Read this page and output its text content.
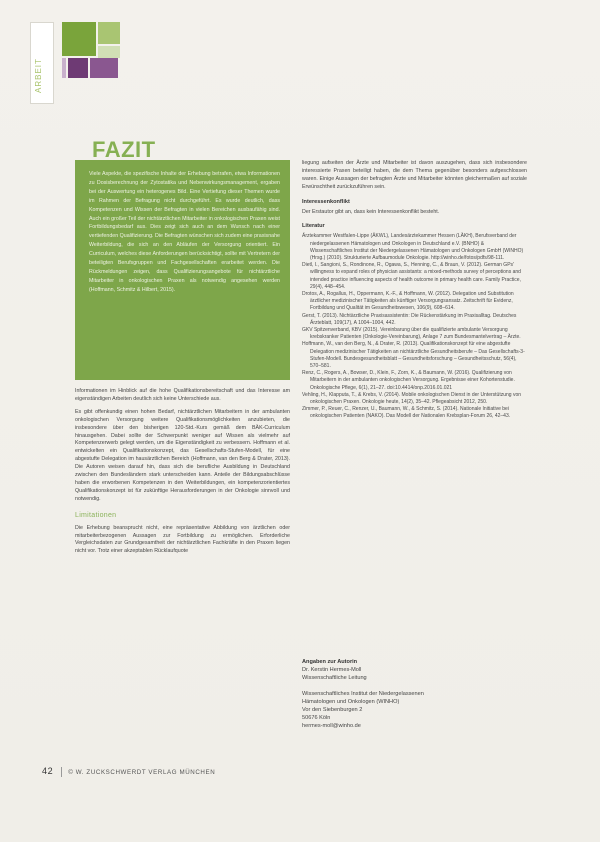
ARBEIT

Viele Aspekte, die spezifische Inhalte der Erhebung betrafen, etwa Informationen zu Dosisberechnung der Zytostatika und Nebenwirkungsmanagement, ergaben bei der Auswertung ein heterogenes Bild. Eine Vertiefung dieser Themen wurde im Rahmen der Befragung nicht durchgeführt. Es wurde deutlich, dass Kompetenzen und Wissen der Befragten in vielen Bereichen ausbaufähig sind. Auch ein großer Teil der nichtärztlichen Mitarbeiter in onkologischen Praxen weist Fortbildungsbedarf aus. Dies zeigt sich auch an dem Wunsch nach einer vertiefenden Qualifizierung. Die Befragten wünschen sich zudem eine praxisnahe Weiterbildung, die sich an den Abläufen der Versorgung orientiert. Ein Curriculum, welches diese Anforderungen berücksichtigt, sollte mit Vertretern der beteiligten Berufsgruppen und Fachgesellschaften erarbeitet werden. Die Rückmeldungen zeigen, dass Qualifizierungsangebote für nichtärztliche Mitarbeiter in onkologischen Praxen als notwendig angesehen werden (Hoffmann, Schmitz & Hilbert, 2015).

FAZIT

Informationen im Hinblick auf die hohe Qualifikationsbereitschaft und das Interesse am eigenständigen Arbeiten deutlich sich keine Unterschiede aus.

Es gibt offenkundig einen hohen Bedarf, nichtärztlichen Mitarbeitern in der ambulanten onkologischen Versorgung weitere Qualifikationsmöglichkeiten anzubieten, die insbesondere über den bisherigen 120-Std.-Kurs gemäß dem BÄK-Curriculum hinausgehen. Dabei sollte der Schwerpunkt weniger auf Wissen als vielmehr auf Kompetenzerwerb gelegt werden, um die Eigenständigkeit zu verbessern. Hoffmann et al. entwickelten ein Qualifikationskonzept, das Gesellschafts-Stufen-Modell, für eine abgestufte Delegation im hausärztlichen Bereich (Hoffmann, van den Berg & Drater, 2013). Die Autoren weisen darauf hin, dass sich die berufliche Ausbildung in Deutschland zwischen den Bundesländern stark unterscheiden kann. Anteile der Bildungsabschlüsse haben die erworbenen Kompetenzen in den Weiterbildungen, ein kompetenzorientiertes Qualifikationskonzept ist für zukünftige Herausforderungen in der Onkologie sinnvoll und notwendig.

Limitationen

Die Erhebung beansprucht nicht, eine repräsentative Abbildung von ärztlichen oder mitarbeiterbezogenen Aussagen zur Fortbildung zu ermöglichen. Erforderliche Vergleichsdaten zur Grundgesamtheit der nichtärztlichen Fachkräfte in den Praxen liegen nicht vor. Trotz einer akzeptablen Rücklaufquote

liegung aufseiten der Ärzte und Mitarbeiter ist davon auszugehen, dass sich insbesondere interessierte Praxen beteiligt haben, die dem Thema gegenüber besonders aufgeschlossen waren. Einige Aussagen der befragten Ärzte und Mitarbeiter könnten gleichermaßen auf soziale Erwünschtheit zurückzuführen sein.

Interessenkonflikt

Der Erstautor gibt an, dass kein Interessenkonflikt besteht.

Literatur
Ärztekammer Westfalen-Lippe (ÄKWL), Landesärztekammer Hessen (LÄKH), Berufsverband der niedergelassenen Hämatologen und Onkologen in Deutschland e.V. (BNHO) & Wissenschaftliches Institut der Niedergelassenen Hämatologen und Onkologen GmbH (WINHO) (Hrsg.) (2010). Strukturierte Aufbaumodule Onkologie. http://winho.de/fotos/pdfs/98-111.
Dietl, I., Sangioni, S., Rondinone, R., Ogawa, S., Henning, C., & Braun, V. (2012). German GPs' willingness to expand roles of physician assistants: a mixed-methods survey of perceptions and intended practice influencing aspects of health outcome in primary health care. Family Practice, 29(4), 448–454.
Drotos, A., Rogallus, H., Oppermann, K.-F., & Hoffmann, W. (2012). Delegation und Substitution ärztlicher medizinischer Tätigkeiten als künftiger Versorgungsansatz. Zeitschrift für Evidenz, Fortbildung und Qualität im Gesundheitswesen, 106(9), 608–614.
Gerst, T. (2013). Nichtärztliche Praxisassistentin: Die Rückenstärkung im Praxisalltag. Deutsches Ärzteblatt, 109(17), A 1004–1004, 442.
GKV Spitzenverband, KBV (2015). Vereinbarung über die qualifizierte ambulante Versorgung krebskranker Patienten (Onkologie-Vereinbarung), Anlage 7 zum Bundesmantelvertrag – Ärzte.
Hoffmann, W., van den Berg, N., & Drater, R. (2013). Qualifikationskonzept für eine abgestufte Delegation medizinischer Tätigkeiten an nichtärztliche Gesundheitsberufe – Das Gesellschafts-3-Stufen-Modell. Bundesgesundheitsblatt – Gesundheitsforschung – Gesundheitsschutz, 56(4), 570–581.
Renz, C., Rogers, A., Bowser, D., Klein, F., Zorn, K., & Baumann, W. (2016). Qualifizierung von Mitarbeitern in der ambulanten onkologischen Versorgung. Ergebnisse einer Kohortenstudie. Onkologische Pflege, 6(1), 21–27. doi:10.4414/onp.2016.01.021
Vehling, H., Klapputa, T., & Krebs, V. (2014). Mobile onkologischen Dienst in der Unterstützung von onkologischen Praxen. Onkologie heute, 14(2), 35–42. Pflegeabsicht 2012, 250.
Zimmer, P., Reuer, C., Renzer, U., Baumann, W., & Schmitz, S. (2014). Nationale Initiative bei onkologischen Patienten (NAKO). Das Modell der Nationalen Krebsplan-Forum 26, 42–43.
Angaben zur Autorin
Dr. Kerstin Hermes-Moll
Wissenschaftliche Leitung
Wissenschaftliches Institut der Niedergelassenen
Hämatologen und Onkologen (WINHO)
Vor den Siebenburgen 2
50676 Köln
hermes-moll@winho.de
42 © W. ZUCKSCHWERDT VERLAG MÜNCHEN
